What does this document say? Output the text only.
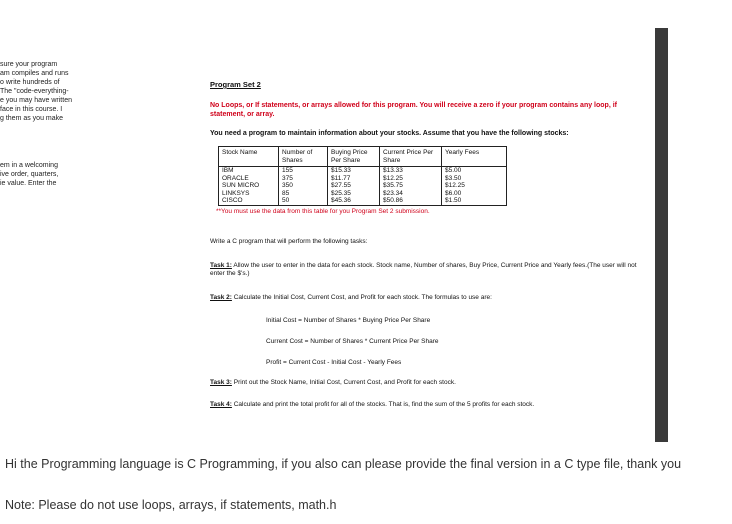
sure your program
am compiles and runs
o write hundreds of
The "code-everything-
e you may have written
face in this course. I
g them as you make
em in a welcoming
ive order, quarters,
ie value. Enter the
Program Set 2
No Loops, or If statements, or arrays allowed for this program. You will receive a zero if your program contains any loop, if statement, or array.
You need a program to maintain information about your stocks. Assume that you have the following stocks:
Stock Name	Number of Shares	Buying Price Per Share	Current Price Per Share	Yearly Fees
IBM	155	$15.33	$13.33	$5.00
ORACLE	375	$11.77	$12.25	$3.50
SUN MICRO	350	$27.55	$35.75	$12.25
LINKSYS	85	$25.35	$23.34	$6.00
CISCO	50	$45.36	$50.86	$1.50
**You must use the data from this table for you Program Set 2 submission.
Write a C program that will perform the following tasks:
Task 1: Allow the user to enter in the data for each stock. Stock name, Number of shares, Buy Price, Current Price and Yearly fees.(The user will not enter the $'s.)
Task 2: Calculate the Initial Cost, Current Cost, and Profit for each stock. The formulas to use are:
Initial Cost = Number of Shares * Buying Price Per Share
Current Cost = Number of Shares * Current Price Per Share
Profit = Current Cost - Initial Cost - Yearly Fees
Task 3: Print out the Stock Name, Initial Cost, Current Cost, and Profit for each stock.
Task 4: Calculate and print the total profit for all of the stocks. That is, find the sum of the 5 profits for each stock.
Hi the Programming language is C Programming, if you also can please provide the final version in a C type file, thank you
Note: Please do not use loops, arrays, if statements, math.h
